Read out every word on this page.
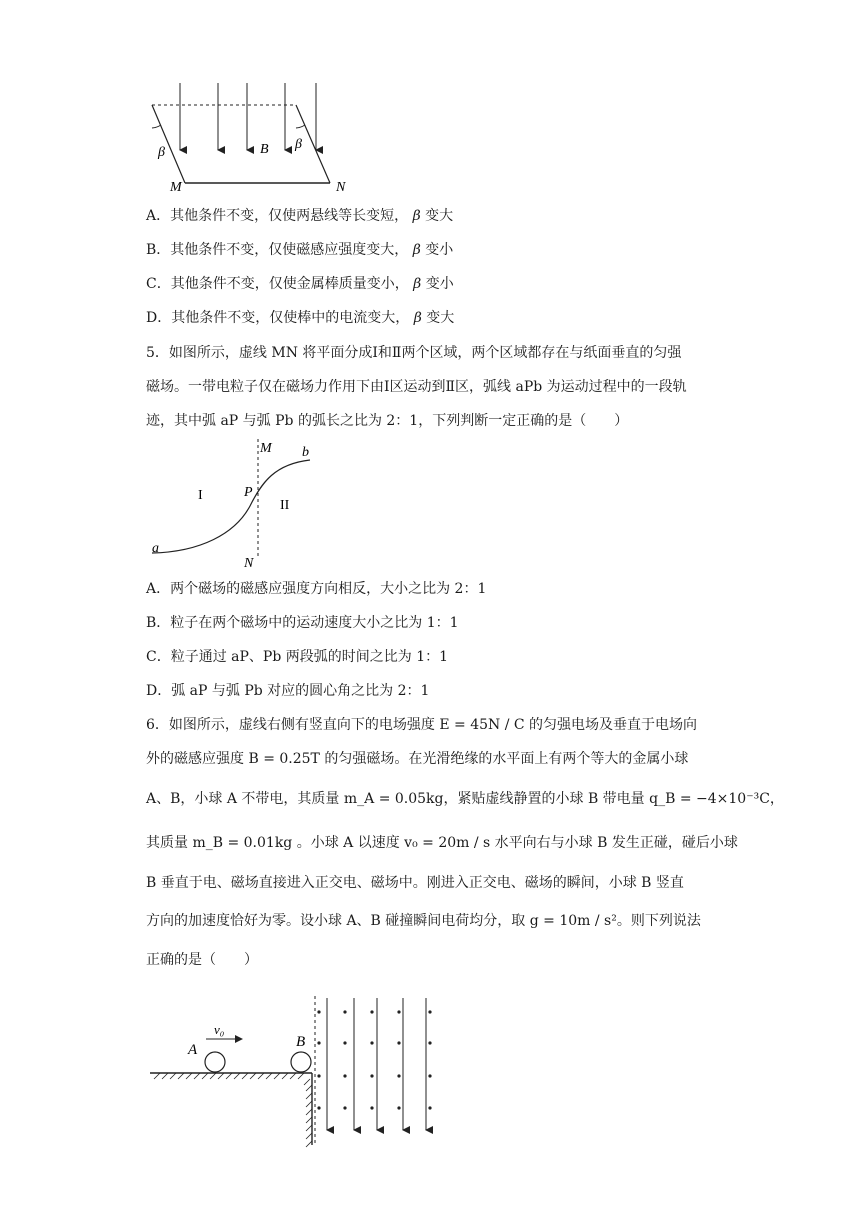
β
β
B
M	N
A．其他条件不变，仅使两悬线等长变短， β 变大
B．其他条件不变，仅使磁感应强度变大， β 变小
C．其他条件不变，仅使金属棒质量变小， β 变小
D．其他条件不变，仅使棒中的电流变大， β 变大
5．如图所示，虚线 MN 将平面分成Ⅰ和Ⅱ两个区域，两个区域都存在与纸面垂直的匀强
磁场。一带电粒子仅在磁场力作用下由Ⅰ区运动到Ⅱ区，弧线 aPb 为运动过程中的一段轨
迹，其中弧 aP 与弧 Pb 的弧长之比为 2：1，下列判断一定正确的是（　　）
M
N
P
a
b
I
II
A．两个磁场的磁感应强度方向相反，大小之比为 2：1
B．粒子在两个磁场中的运动速度大小之比为 1：1
C．粒子通过 aP、Pb 两段弧的时间之比为 1：1
D．弧 aP 与弧 Pb 对应的圆心角之比为 2：1
6．如图所示，虚线右侧有竖直向下的电场强度 E = 45N / C 的匀强电场及垂直于电场向
外的磁感应强度 B = 0.25T 的匀强磁场。在光滑绝缘的水平面上有两个等大的金属小球
A、B，小球 A 不带电，其质量 m_A = 0.05kg，紧贴虚线静置的小球 B 带电量 q_B = −4×10⁻³C，
其质量 m_B = 0.01kg 。小球 A 以速度 v₀ = 20m / s 水平向右与小球 B 发生正碰，碰后小球
B 垂直于电、磁场直接进入正交电、磁场中。刚进入正交电、磁场的瞬间，小球 B 竖直
方向的加速度恰好为零。设小球 A、B 碰撞瞬间电荷均分，取 g = 10m / s²。则下列说法
正确的是（　　）
A	B
v₀
